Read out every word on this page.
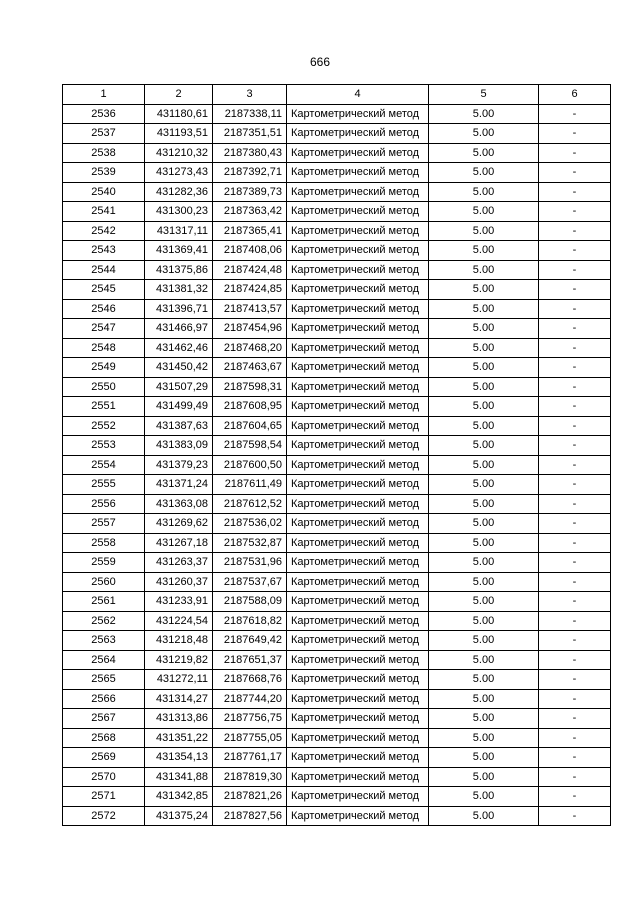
666
1	2	3	4	5	6
2536	431180,61	2187338,11	Картометрический метод	5.00	-
2537	431193,51	2187351,51	Картометрический метод	5.00	-
2538	431210,32	2187380,43	Картометрический метод	5.00	-
2539	431273,43	2187392,71	Картометрический метод	5.00	-
2540	431282,36	2187389,73	Картометрический метод	5.00	-
2541	431300,23	2187363,42	Картометрический метод	5.00	-
2542	431317,11	2187365,41	Картометрический метод	5.00	-
2543	431369,41	2187408,06	Картометрический метод	5.00	-
2544	431375,86	2187424,48	Картометрический метод	5.00	-
2545	431381,32	2187424,85	Картометрический метод	5.00	-
2546	431396,71	2187413,57	Картометрический метод	5.00	-
2547	431466,97	2187454,96	Картометрический метод	5.00	-
2548	431462,46	2187468,20	Картометрический метод	5.00	-
2549	431450,42	2187463,67	Картометрический метод	5.00	-
2550	431507,29	2187598,31	Картометрический метод	5.00	-
2551	431499,49	2187608,95	Картометрический метод	5.00	-
2552	431387,63	2187604,65	Картометрический метод	5.00	-
2553	431383,09	2187598,54	Картометрический метод	5.00	-
2554	431379,23	2187600,50	Картометрический метод	5.00	-
2555	431371,24	2187611,49	Картометрический метод	5.00	-
2556	431363,08	2187612,52	Картометрический метод	5.00	-
2557	431269,62	2187536,02	Картометрический метод	5.00	-
2558	431267,18	2187532,87	Картометрический метод	5.00	-
2559	431263,37	2187531,96	Картометрический метод	5.00	-
2560	431260,37	2187537,67	Картометрический метод	5.00	-
2561	431233,91	2187588,09	Картометрический метод	5.00	-
2562	431224,54	2187618,82	Картометрический метод	5.00	-
2563	431218,48	2187649,42	Картометрический метод	5.00	-
2564	431219,82	2187651,37	Картометрический метод	5.00	-
2565	431272,11	2187668,76	Картометрический метод	5.00	-
2566	431314,27	2187744,20	Картометрический метод	5.00	-
2567	431313,86	2187756,75	Картометрический метод	5.00	-
2568	431351,22	2187755,05	Картометрический метод	5.00	-
2569	431354,13	2187761,17	Картометрический метод	5.00	-
2570	431341,88	2187819,30	Картометрический метод	5.00	-
2571	431342,85	2187821,26	Картометрический метод	5.00	-
2572	431375,24	2187827,56	Картометрический метод	5.00	-
